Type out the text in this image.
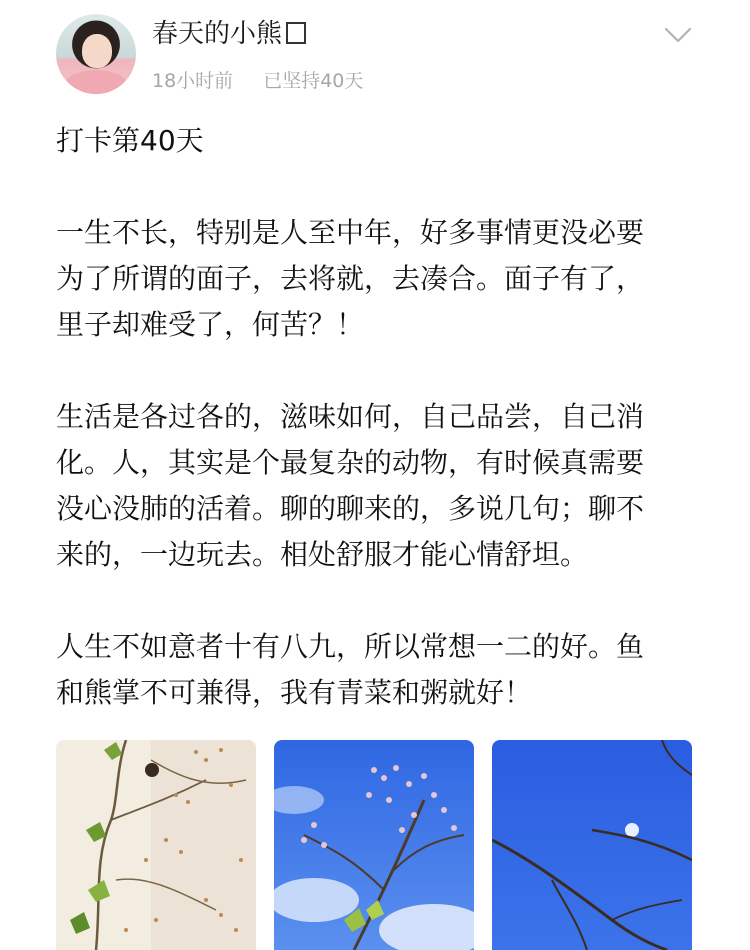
春天的小熊
18小时前 已坚持40天

打卡第40天

一生不长，特别是人至中年，好多事情更没必要
为了所谓的面子，去将就，去凑合。面子有了，
里子却难受了，何苦？！

生活是各过各的，滋味如何，自己品尝，自己消
化。人，其实是个最复杂的动物，有时候真需要
没心没肺的活着。聊的聊来的，多说几句；聊不
来的，一边玩去。相处舒服才能心情舒坦。

人生不如意者十有八九，所以常想一二的好。鱼
和熊掌不可兼得，我有青菜和粥就好！
